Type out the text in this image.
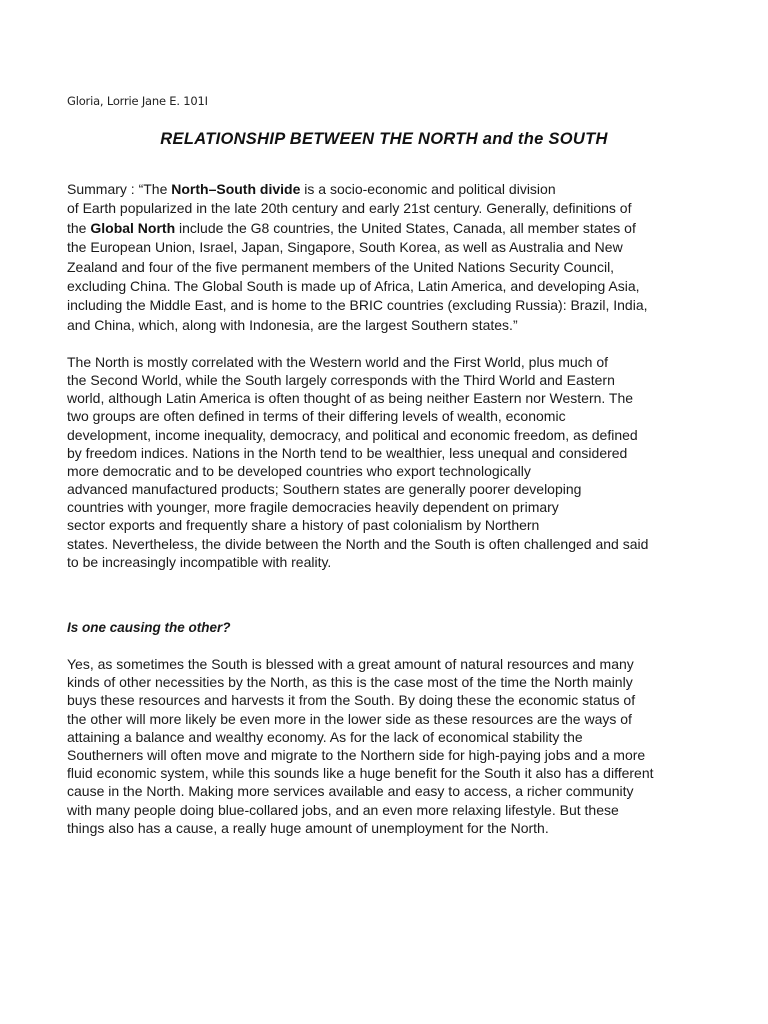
Gloria, Lorrie Jane E. 101I
RELATIONSHIP BETWEEN THE NORTH and the SOUTH
Summary : “The North–South divide is a socio-economic and political division
of Earth popularized in the late 20th century and early 21st century. Generally, definitions of
the Global North include the G8 countries, the United States, Canada, all member states of
the European Union, Israel, Japan, Singapore, South Korea, as well as Australia and New
Zealand and four of the five permanent members of the United Nations Security Council,
excluding China. The Global South is made up of Africa, Latin America, and developing Asia,
including the Middle East, and is home to the BRIC countries (excluding Russia): Brazil, India,
and China, which, along with Indonesia, are the largest Southern states.”
The North is mostly correlated with the Western world and the First World, plus much of
the Second World, while the South largely corresponds with the Third World and Eastern
world, although Latin America is often thought of as being neither Eastern nor Western. The
two groups are often defined in terms of their differing levels of wealth, economic
development, income inequality, democracy, and political and economic freedom, as defined
by freedom indices. Nations in the North tend to be wealthier, less unequal and considered
more democratic and to be developed countries who export technologically
advanced manufactured products; Southern states are generally poorer developing
countries with younger, more fragile democracies heavily dependent on primary
sector exports and frequently share a history of past colonialism by Northern
states. Nevertheless, the divide between the North and the South is often challenged and said
to be increasingly incompatible with reality.
Is one causing the other?
Yes, as sometimes the South is blessed with a great amount of natural resources and many
kinds of other necessities by the North, as this is the case most of the time the North mainly
buys these resources and harvests it from the South. By doing these the economic status of
the other will more likely be even more in the lower side as these resources are the ways of
attaining a balance and wealthy economy. As for the lack of economical stability the
Southerners will often move and migrate to the Northern side for high-paying jobs and a more
fluid economic system, while this sounds like a huge benefit for the South it also has a different
cause in the North. Making more services available and easy to access, a richer community
with many people doing blue-collared jobs, and an even more relaxing lifestyle. But these
things also has a cause, a really huge amount of unemployment for the North.
